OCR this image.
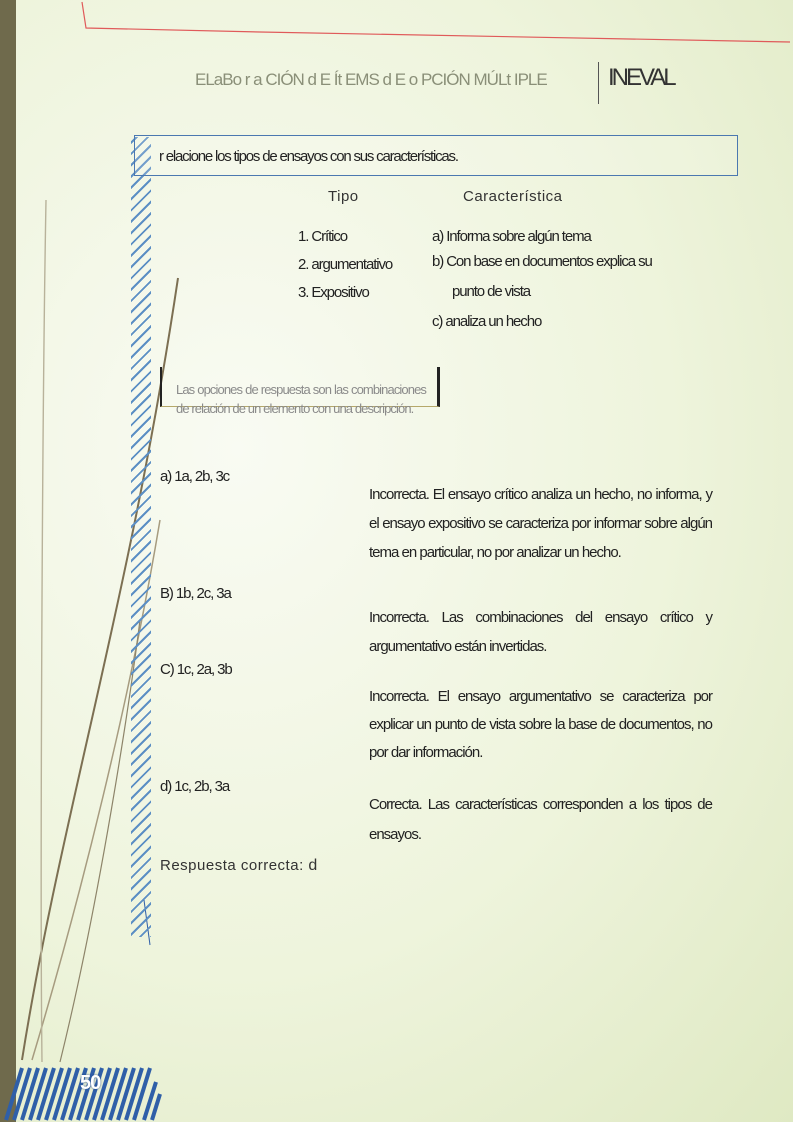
ELaBo r a CIÓN d E Ít EMS d E o PCIÓN MÚLt IPLE	INEVAL
r elacione los tipos de ensayos con sus características.
Tipo	Característica
1. Crítico
2. argumentativo
3. Expositivo
a) Informa sobre algún tema
b) Con base en documentos explica su
punto de vista
c) analiza un hecho
Las opciones de respuesta son las combinaciones de relación de un elemento con una descripción.
a) 1a, 2b, 3c
Incorrecta. El ensayo crítico analiza un hecho, no informa, y el ensayo expositivo se caracteriza por informar sobre algún tema en particular, no por analizar un hecho.
B) 1b, 2c, 3a
Incorrecta. Las combinaciones del ensayo crítico y argumentativo están invertidas.
C) 1c, 2a, 3b
Incorrecta. El ensayo argumentativo se caracteriza por explicar un punto de vista sobre la base de documentos, no por dar información.
d) 1c, 2b, 3a
Correcta. Las características corresponden a los tipos de ensayos.
Respuesta correcta: d
50
